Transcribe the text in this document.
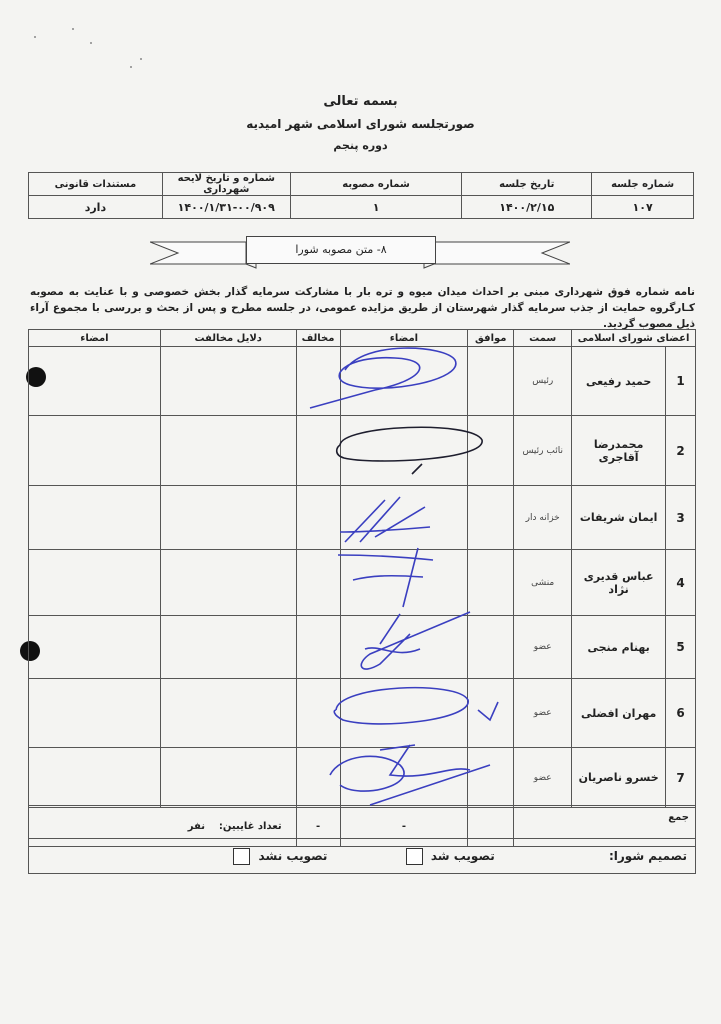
بسمه تعالی
صورتجلسه شورای اسلامی شهر امیدیه
دوره پنجم
شماره جلسه	تاریخ جلسه	شماره مصوبه	شماره و تاریخ لایحه شهرداری	مستندات قانونی
۱۰۷	۱۴۰۰/۲/۱۵	۱	۱۴۰۰/۱/۳۱-۰۰/۹۰۹	دارد
۸- متن مصوبه شورا
نامه شماره فوق شهرداری مبنی بر احداث میدان میوه و تره بار با مشارکت سرمایه گذار بخش خصوصی و با عنایت به مصوبه کـارگروه حمایت از جذب سرمایه گذار شهرستان از طریق مزایده عمومی، در جلسه مطرح و پس از بحث و بررسی با مجموع آراء ذیل مصوب گردید.
اعضای شورای اسلامی		سمت	موافق	امضاء	مخالف	دلایل مخالفت	امضاء
1	حمید رفیعی	رئیس					
2	محمدرضا آقاجری	نائب رئیس					
3	ایمان شریفات	خزانه دار					
4	عباس قدیری نژاد	منشی					
5	بهنام منجی	عضو					
6	مهران افضلی	عضو					
7	خسرو ناصریان	عضو					
جمع		-	-	تعداد غايبين:    نفر
تصمیم شورا: تصویب شد  تصویب نشد
